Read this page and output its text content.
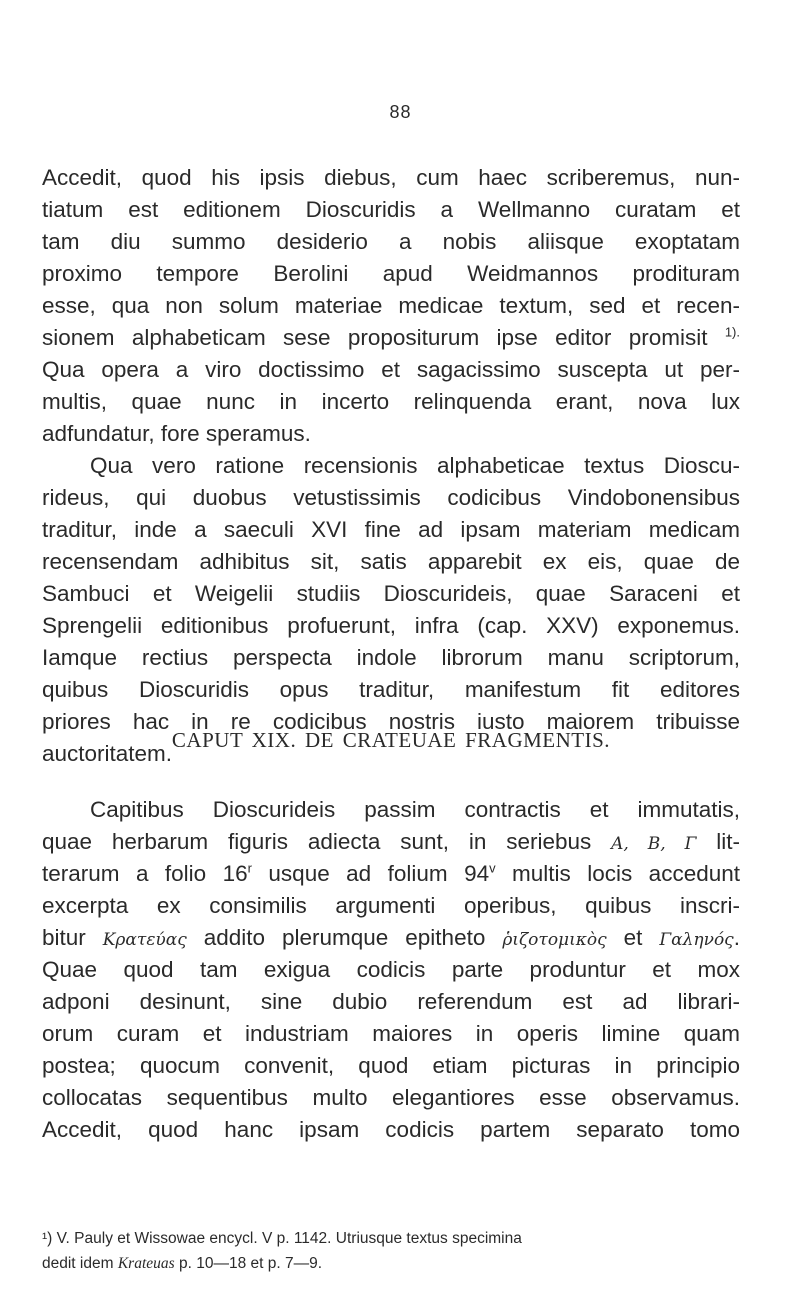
88
Accedit, quod his ipsis diebus, cum haec scriberemus, nun-
tiatum est editionem Dioscuridis a Wellmanno curatam et
tam diu summo desiderio a nobis aliisque exoptatam
proximo tempore Berolini apud Weidmannos prodituram
esse, qua non solum materiae medicae textum, sed et recen-
sionem alphabeticam sese propositurum ipse editor promisit $^{1).}$
Qua opera a viro doctissimo et sagacissimo suscepta ut per-
multis, quae nunc in incerto relinquenda erant, nova lux
adfundatur, fore speramus.
Qua vero ratione recensionis alphabeticae textus Dioscu-
rideus, qui duobus vetustissimis codicibus Vindobonensibus
traditur, inde a saeculi XVI fine ad ipsam materiam medicam
recensendam adhibitus sit, satis apparebit ex eis, quae de
Sambuci et Weigelii studiis Dioscurideis, quae Saraceni et
Sprengelii editionibus profuerunt, infra (cap. XXV) exponemus.
Iamque rectius perspecta indole librorum manu scriptorum,
quibus Dioscuridis opus traditur, manifestum fit editores
priores hac in re codicibus nostris iusto maiorem tribuisse
auctoritatem.
CAPUT XIX. DE CRATEUAE FRAGMENTIS.
Capitibus Dioscurideis passim contractis et immutatis,
quae herbarum figuris adiecta sunt, in seriebus Α, Β, Γ lit-
terarum a folio 16$^r$ usque ad folium 94$^v$ multis locis accedunt
excerpta ex consimilis argumenti operibus, quibus inscri-
bitur Κρατεύας addito plerumque epitheto ῥιζοτομικὸς et Γαληνός.
Quae quod tam exigua codicis parte produntur et mox
adponi desinunt, sine dubio referendum est ad librari-
orum curam et industriam maiores in operis limine quam
postea; quocum convenit, quod etiam picturas in principio
collocatas sequentibus multo elegantiores esse observamus.
Accedit, quod hanc ipsam codicis partem separato tomo
¹) V. Pauly et Wissowae encycl. V p. 1142. Utriusque textus specimina
dedit idem Krateuas p. 10—18 et p. 7—9.
